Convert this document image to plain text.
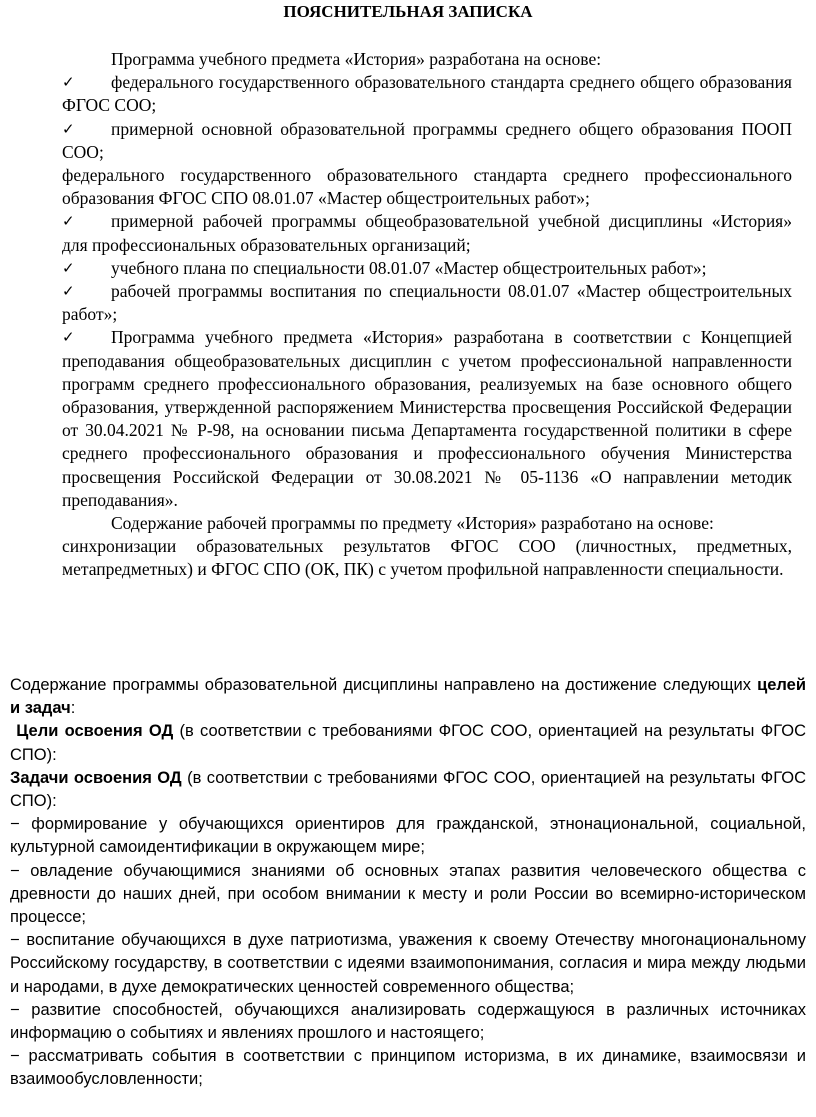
ПОЯСНИТЕЛЬНАЯ ЗАПИСКА

Программа учебного предмета «История» разработана на основе:

✓	федерального государственного образовательного стандарта среднего общего образования ФГОС СОО;

✓	примерной основной образовательной программы среднего общего образования ПООП СОО;

федерального государственного образовательного стандарта среднего профессионального образования ФГОС СПО 08.01.07 «Мастер общестроительных работ»;

✓	примерной рабочей программы общеобразовательной учебной дисциплины «История» для профессиональных образовательных организаций;

✓	учебного плана по специальности 08.01.07 «Мастер общестроительных работ»;

✓	рабочей программы воспитания по специальности 08.01.07 «Мастер общестроительных работ»;

✓	Программа учебного предмета «История» разработана в соответствии с Концепцией преподавания общеобразовательных дисциплин с учетом профессиональной направленности программ среднего профессионального образования, реализуемых на базе основного общего образования, утвержденной распоряжением Министерства просвещения Российской Федерации от 30.04.2021 № Р-98, на основании письма Департамента государственной политики в сфере среднего профессионального образования и профессионального обучения Министерства просвещения Российской Федерации от 30.08.2021 № 05-1136 «О направлении методик преподавания».

Содержание рабочей программы по предмету «История» разработано на основе:

синхронизации образовательных результатов ФГОС СОО (личностных, предметных, метапредметных) и ФГОС СПО (ОК, ПК) с учетом профильной направленности специальности.

Содержание программы образовательной дисциплины направлено на достижение следующих целей и задач:

Цели освоения ОД (в соответствии с требованиями ФГОС СОО, ориентацией на результаты ФГОС СПО):

Задачи освоения ОД (в соответствии с требованиями ФГОС СОО, ориентацией на результаты ФГОС СПО):

− формирование у обучающихся ориентиров для гражданской, этнонациональной, социальной, культурной самоидентификации в окружающем мире;

− овладение обучающимися знаниями об основных этапах развития человеческого общества с древности до наших дней, при особом внимании к месту и роли России во всемирно-историческом процессе;

− воспитание обучающихся в духе патриотизма, уважения к своему Отечеству многонациональному Российскому государству, в соответствии с идеями взаимопонимания, согласия и мира между людьми и народами, в духе демократических ценностей современного общества;

− развитие способностей, обучающихся анализировать содержащуюся в различных источниках информацию о событиях и явлениях прошлого и настоящего;

− рассматривать события в соответствии с принципом историзма, в их динамике, взаимосвязи и взаимообусловленности;
